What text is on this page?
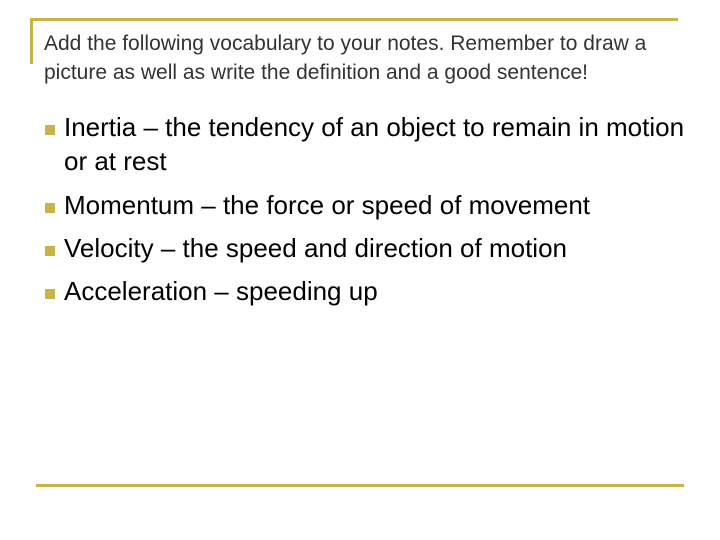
Add the following vocabulary to your notes. Remember to draw a picture as well as write the definition and a good sentence!
Inertia – the tendency of an object to remain in motion or at rest
Momentum – the force or speed of movement
Velocity – the speed and direction of motion
Acceleration – speeding up
